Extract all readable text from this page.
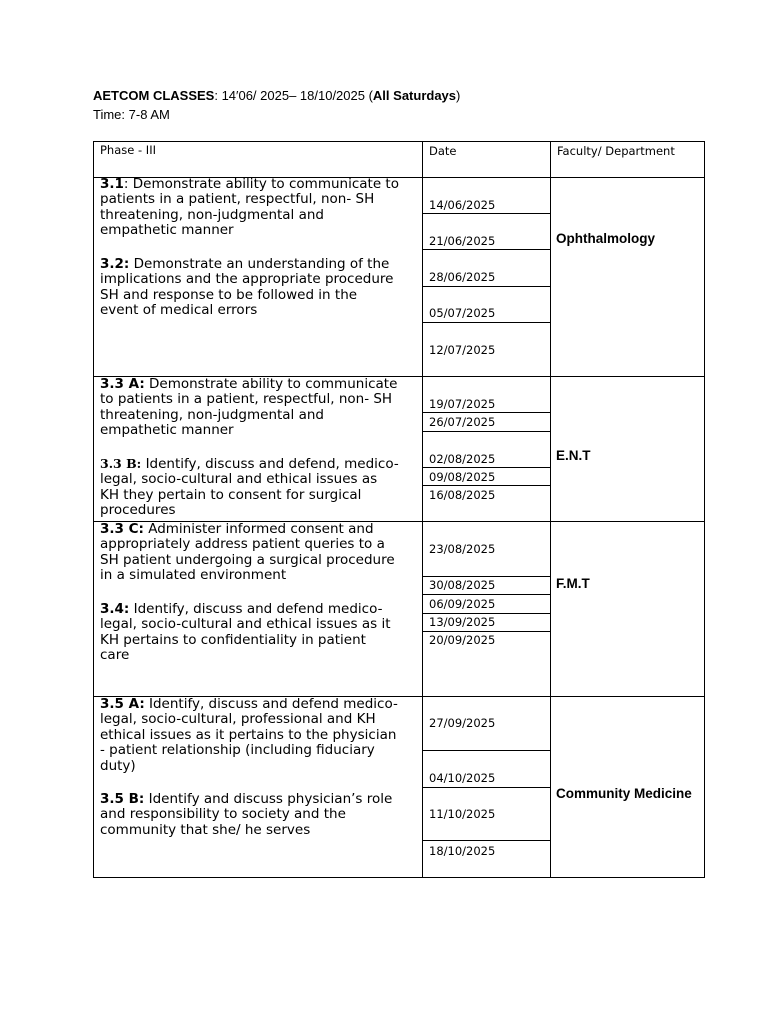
AETCOM CLASSES: 14′06/ 2025– 18/10/2025 (All Saturdays)
Time: 7-8 AM
Phase - III	Date	Faculty/ Department
3.1: Demonstrate ability to communicate to
patients in a patient, respectful, non- SH
threatening, non-judgmental and
empathetic manner
3.2: Demonstrate an understanding of the
implications and the appropriate procedure
SH and response to be followed in the
event of medical errors
14/06/2025
21/06/2025
28/06/2025
05/07/2025
12/07/2025
Ophthalmology
3.3 A: Demonstrate ability to communicate
to patients in a patient, respectful, non- SH
threatening, non-judgmental and
empathetic manner
3.3 B: Identify, discuss and defend, medico-
legal, socio-cultural and ethical issues as
KH they pertain to consent for surgical
procedures
19/07/2025
26/07/2025
02/08/2025
09/08/2025
16/08/2025
E.N.T
3.3 C: Administer informed consent and
appropriately address patient queries to a
SH patient undergoing a surgical procedure
in a simulated environment
3.4: Identify, discuss and defend medico-
legal, socio-cultural and ethical issues as it
KH pertains to confidentiality in patient
care
23/08/2025
30/08/2025
06/09/2025
13/09/2025
20/09/2025
F.M.T
3.5 A: Identify, discuss and defend medico-
legal, socio-cultural, professional and KH
ethical issues as it pertains to the physician
- patient relationship (including fiduciary
duty)
3.5 B: Identify and discuss physician’s role
and responsibility to society and the
community that she/ he serves
27/09/2025
04/10/2025
11/10/2025
18/10/2025
Community Medicine
